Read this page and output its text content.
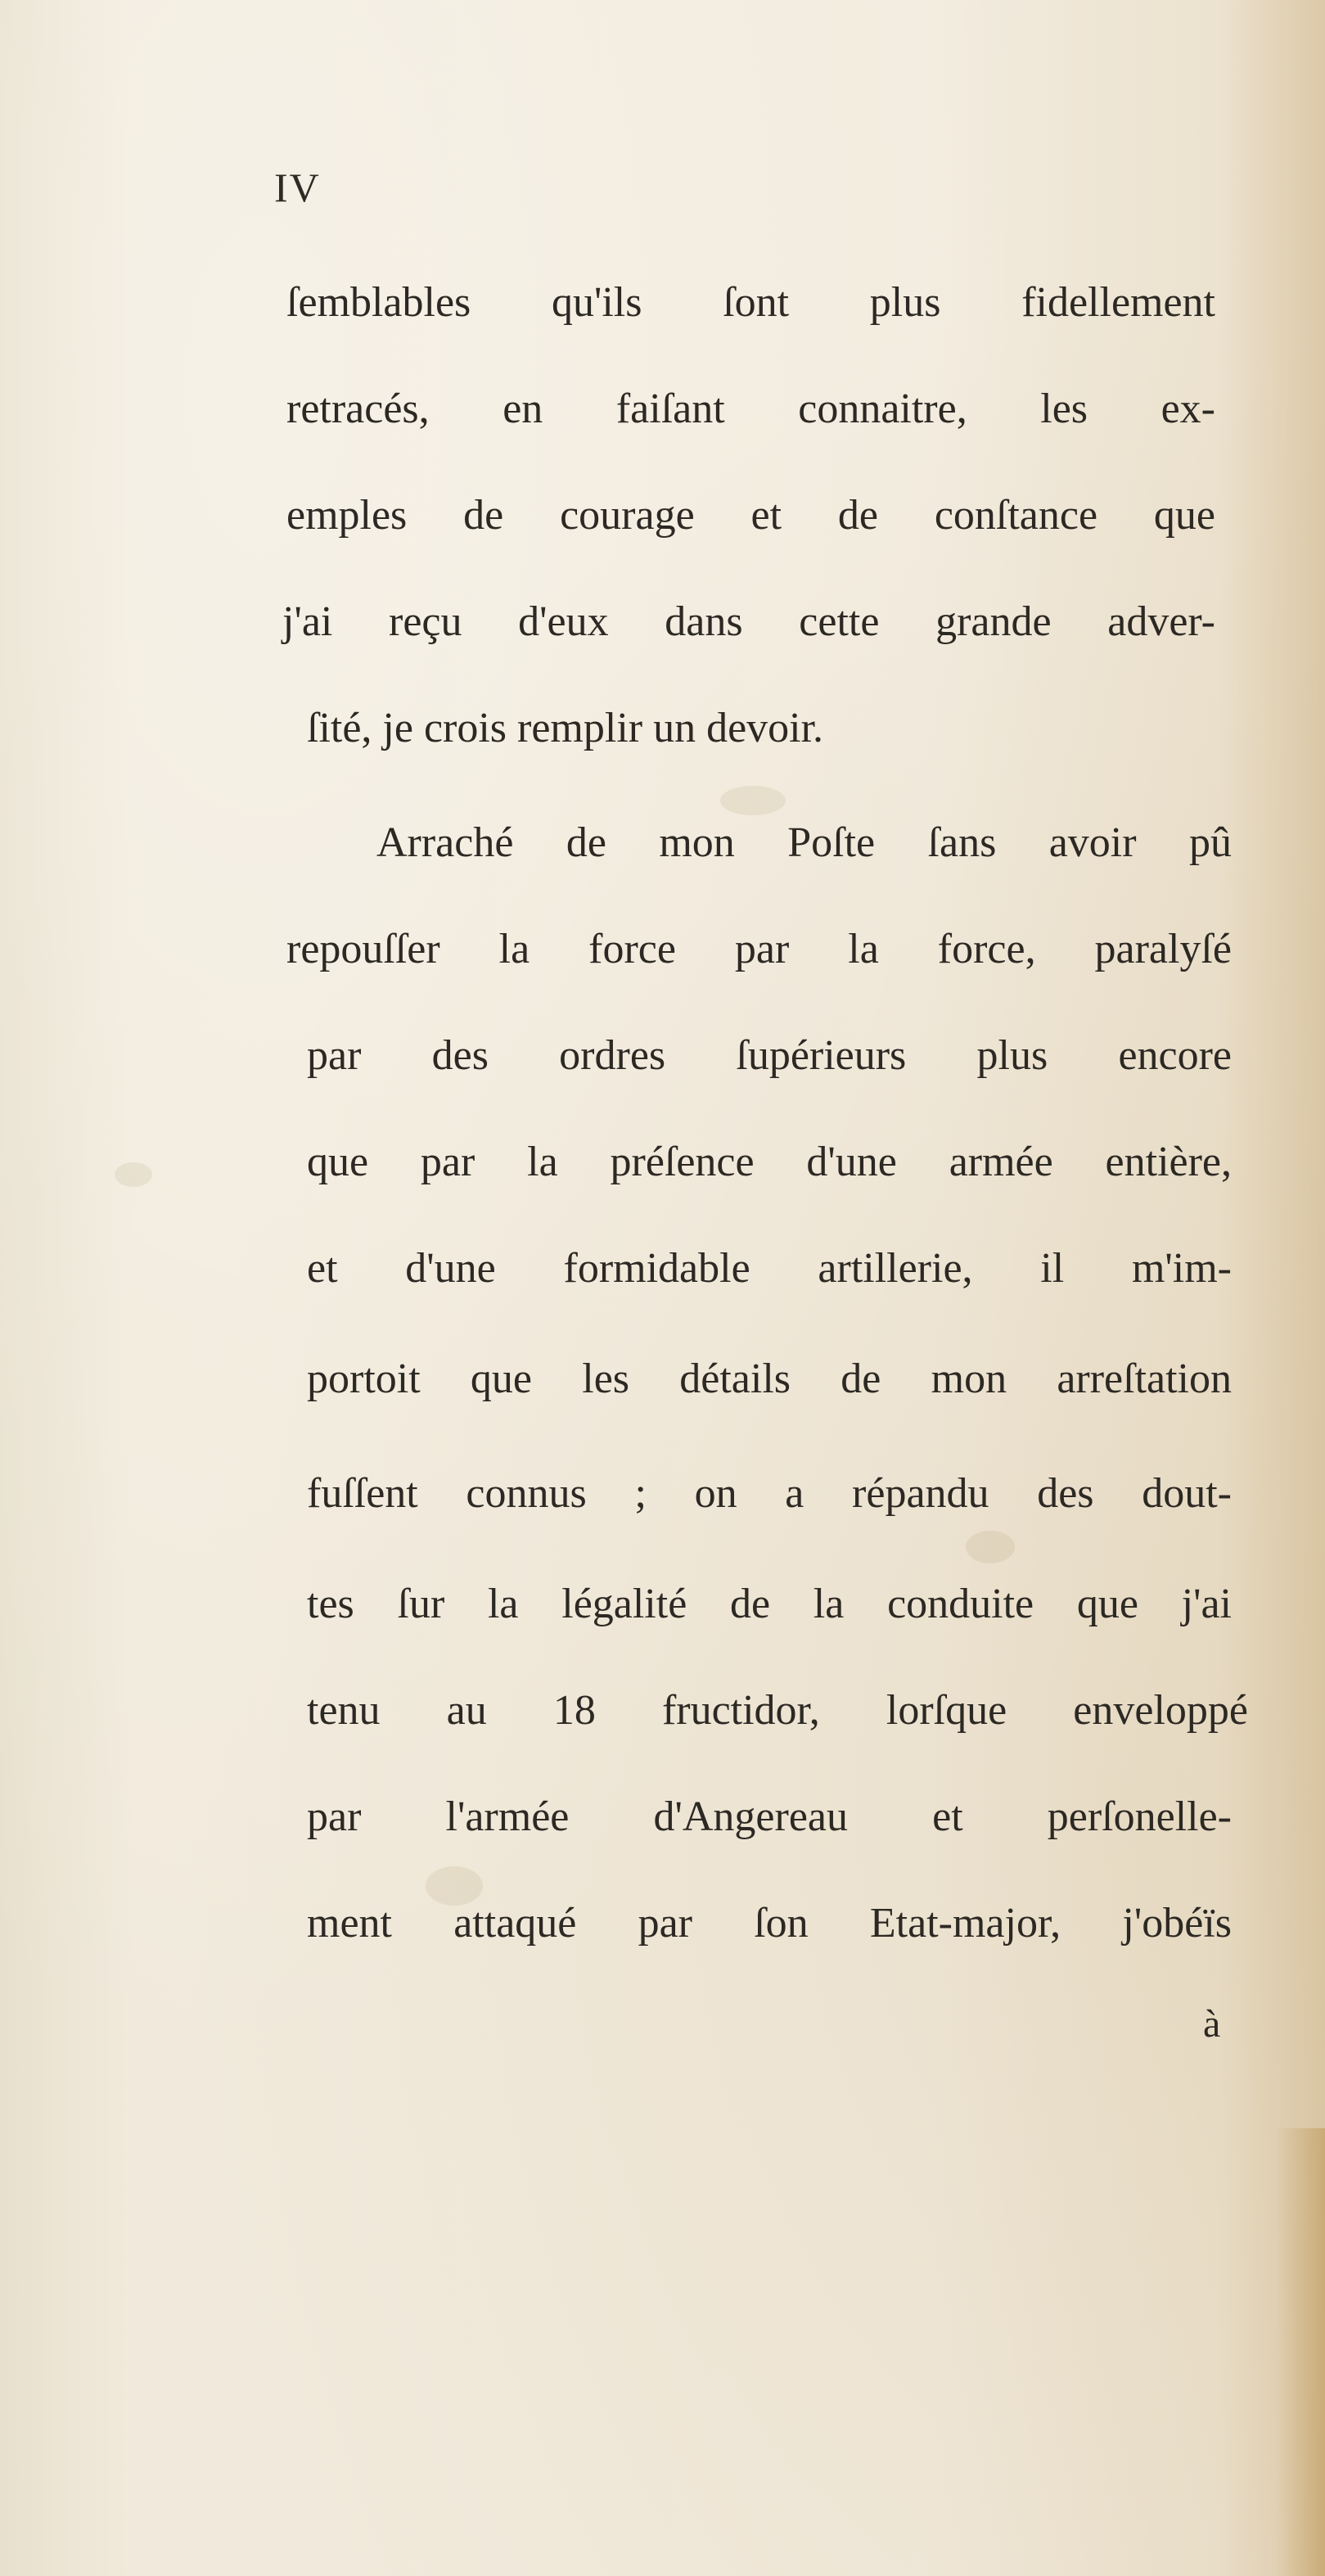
IV

ſemblables qu'ils ſont plus fidellement

retracés, en faiſant connaitre, les ex-

emples de courage et de conſtance que

j'ai reçu d'eux dans cette grande adver-

ſité, je crois remplir un devoir.

Arraché de mon Poſte ſans avoir pû

repouſſer la force par la force, paralyſé

par des ordres ſupérieurs plus encore

que par la préſence d'une armée entière,

et d'une formidable artillerie, il m'im-

portoit que les détails de mon arreſtation

fuſſent connus ; on a répandu des dout-

tes ſur la légalité de la conduite que j'ai

tenu au 18 fructidor, lorſque enveloppé

par l'armée d'Angereau et perſonelle-

ment attaqué par ſon Etat-major, j'obéïs

à
